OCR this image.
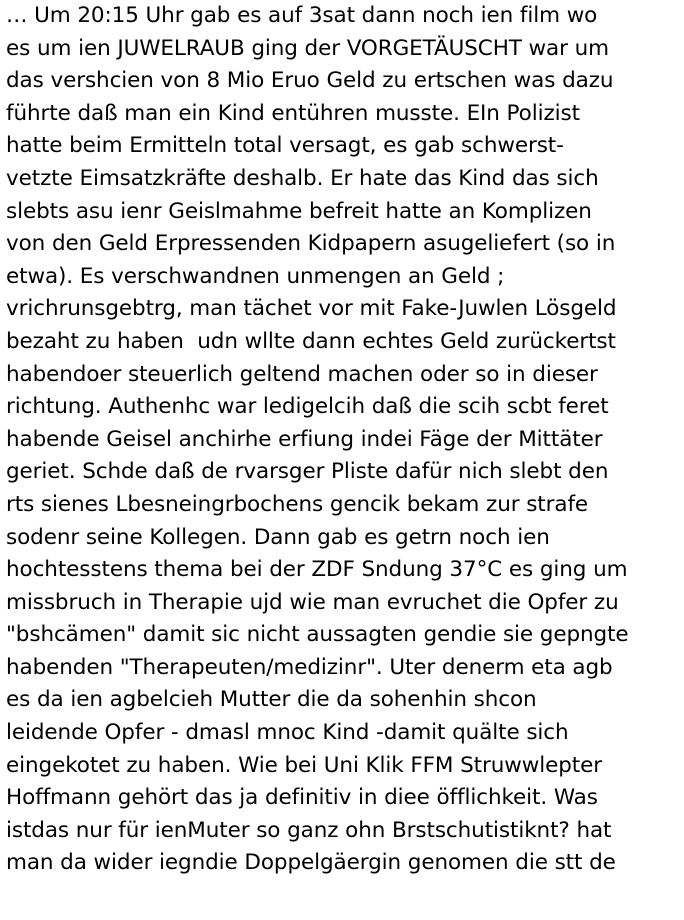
… Um 20:15 Uhr gab es auf 3sat dann noch ien film wo
es um ien JUWELRAUB ging der VORGETÄUSCHT war um
das vershcien von 8 Mio Eruo Geld zu ertschen was dazu
führte daß man ein Kind entühren musste. EIn Polizist
hatte beim Ermitteln total versagt, es gab schwerst-
vetzte Eimsatzkräfte deshalb. Er hate das Kind das sich
slebts asu ienr Geislmahme befreit hatte an Komplizen
von den Geld Erpressenden Kidpapern asugeliefert (so in
etwa). Es verschwandnen unmengen an Geld ;
vrichrunsgebtrg, man tächet vor mit Fake-Juwlen Lösgeld
bezaht zu haben  udn wllte dann echtes Geld zurückertst
habendoer steuerlich geltend machen oder so in dieser
richtung. Authenhc war ledigelcih daß die scih scbt feret
habende Geisel anchirhe erfiung indei Fäge der Mittäter
geriet. Schde daß de rvarsger Pliste dafür nich slebt den
rts sienes Lbesneingrbochens gencik bekam zur strafe
sodenr seine Kollegen. Dann gab es getrn noch ien
hochtesstens thema bei der ZDF Sndung 37°C es ging um
missbruch in Therapie ujd wie man evruchet die Opfer zu
"bshcämen" damit sic nicht aussagten gendie sie gepngte
habenden "Therapeuten/medizinr". Uter denerm eta agb
es da ien agbelcieh Mutter die da sohenhin shcon
leidende Opfer - dmasl mnoc Kind -damit quälte sich
eingekotet zu haben. Wie bei Uni Klik FFM Struwwlepter
Hoffmann gehört das ja definitiv in diee öfflichkeit. Was
istdas nur für ienMuter so ganz ohn Brstschutistiknt? hat
man da wider iegndie Doppelgäergin genomen die stt de
